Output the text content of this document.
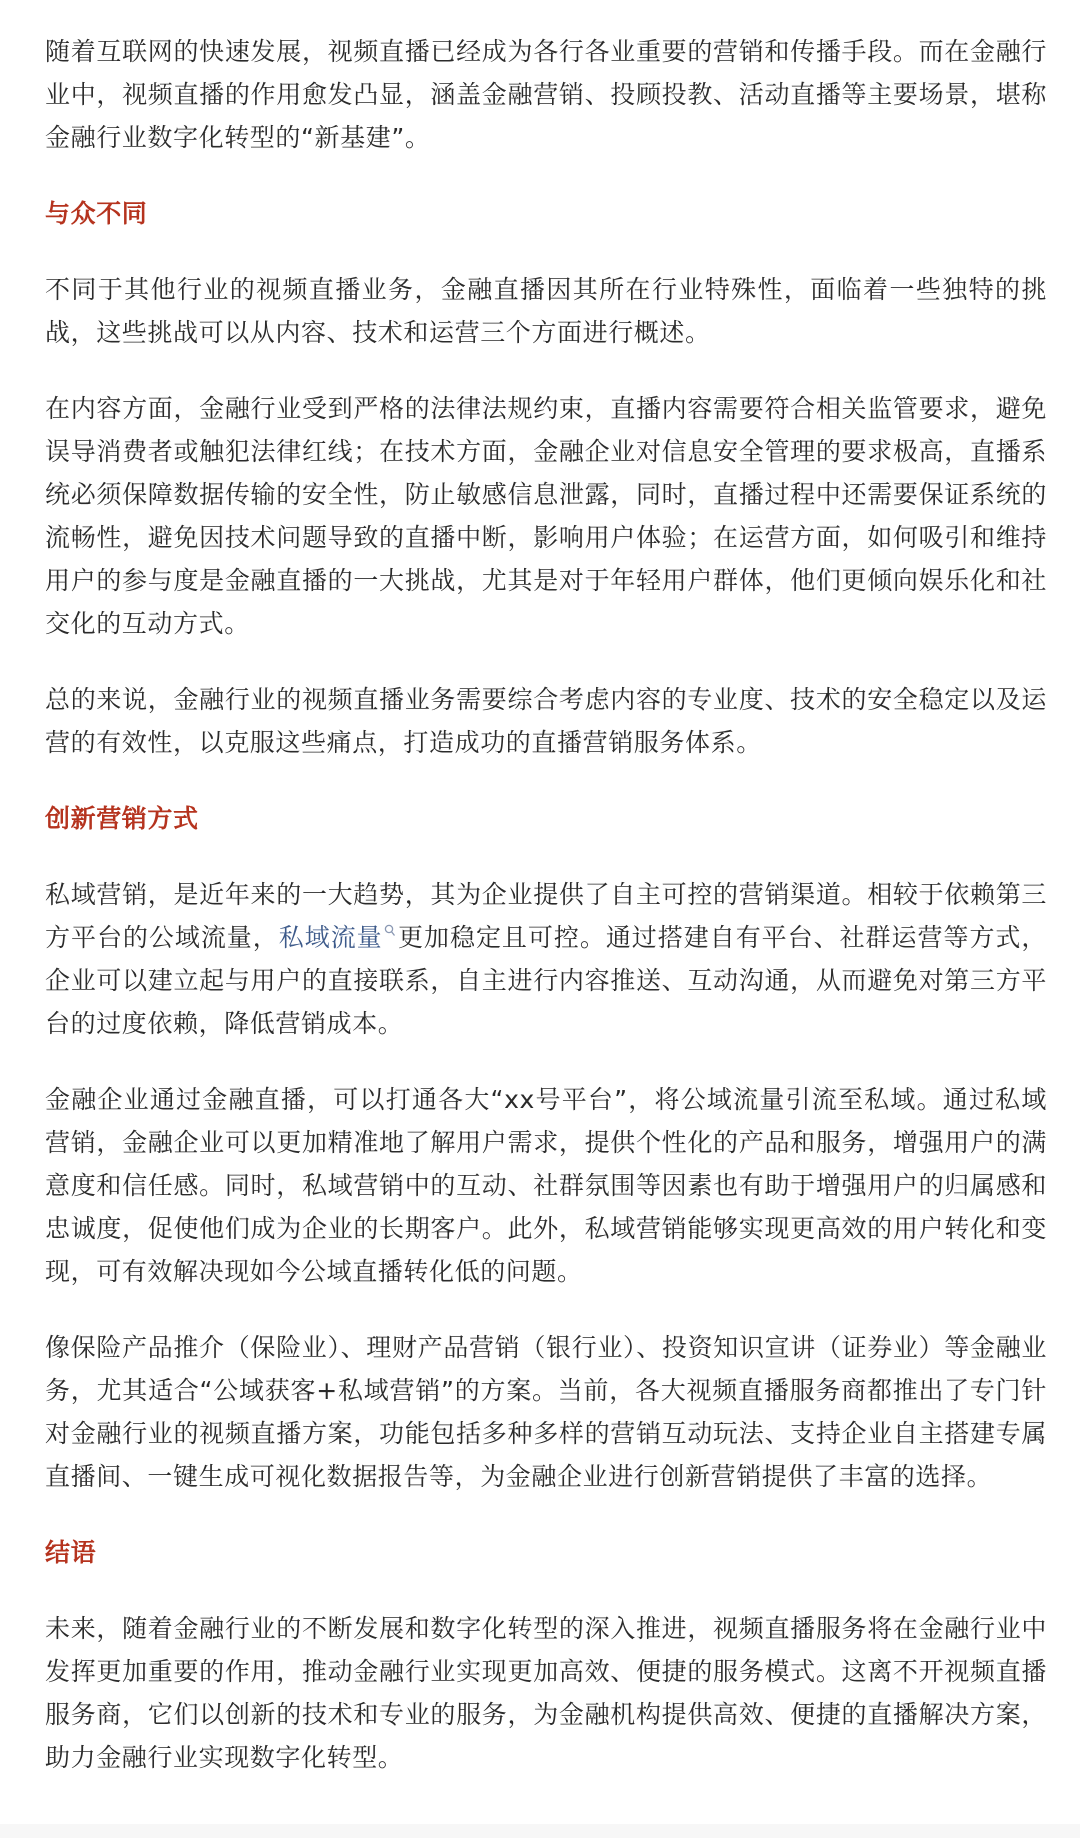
随着互联网的快速发展，视频直播已经成为各行各业重要的营销和传播手段。而在金融行业中，视频直播的作用愈发凸显，涵盖金融营销、投顾投教、活动直播等主要场景，堪称金融行业数字化转型的“新基建”。

与众不同

不同于其他行业的视频直播业务，金融直播因其所在行业特殊性，面临着一些独特的挑战，这些挑战可以从内容、技术和运营三个方面进行概述。

在内容方面，金融行业受到严格的法律法规约束，直播内容需要符合相关监管要求，避免误导消费者或触犯法律红线；在技术方面，金融企业对信息安全管理的要求极高，直播系统必须保障数据传输的安全性，防止敏感信息泄露，同时，直播过程中还需要保证系统的流畅性，避免因技术问题导致的直播中断，影响用户体验；在运营方面，如何吸引和维持用户的参与度是金融直播的一大挑战，尤其是对于年轻用户群体，他们更倾向娱乐化和社交化的互动方式。

总的来说，金融行业的视频直播业务需要综合考虑内容的专业度、技术的安全稳定以及运营的有效性，以克服这些痛点，打造成功的直播营销服务体系。

创新营销方式

私域营销，是近年来的一大趋势，其为企业提供了自主可控的营销渠道。相较于依赖第三方平台的公域流量，私域流量 更加稳定且可控。通过搭建自有平台、社群运营等方式，企业可以建立起与用户的直接联系，自主进行内容推送、互动沟通，从而避免对第三方平台的过度依赖，降低营销成本。

金融企业通过金融直播，可以打通各大“xx号平台”，将公域流量引流至私域。通过私域营销，金融企业可以更加精准地了解用户需求，提供个性化的产品和服务，增强用户的满意度和信任感。同时，私域营销中的互动、社群氛围等因素也有助于增强用户的归属感和忠诚度，促使他们成为企业的长期客户。此外，私域营销能够实现更高效的用户转化和变现，可有效解决现如今公域直播转化低的问题。

像保险产品推介（保险业）、理财产品营销（银行业）、投资知识宣讲（证券业）等金融业务，尤其适合“公域获客+私域营销”的方案。当前，各大视频直播服务商都推出了专门针对金融行业的视频直播方案，功能包括多种多样的营销互动玩法、支持企业自主搭建专属直播间、一键生成可视化数据报告等，为金融企业进行创新营销提供了丰富的选择。

结语

未来，随着金融行业的不断发展和数字化转型的深入推进，视频直播服务将在金融行业中发挥更加重要的作用，推动金融行业实现更加高效、便捷的服务模式。这离不开视频直播服务商，它们以创新的技术和专业的服务，为金融机构提供高效、便捷的直播解决方案，助力金融行业实现数字化转型。
